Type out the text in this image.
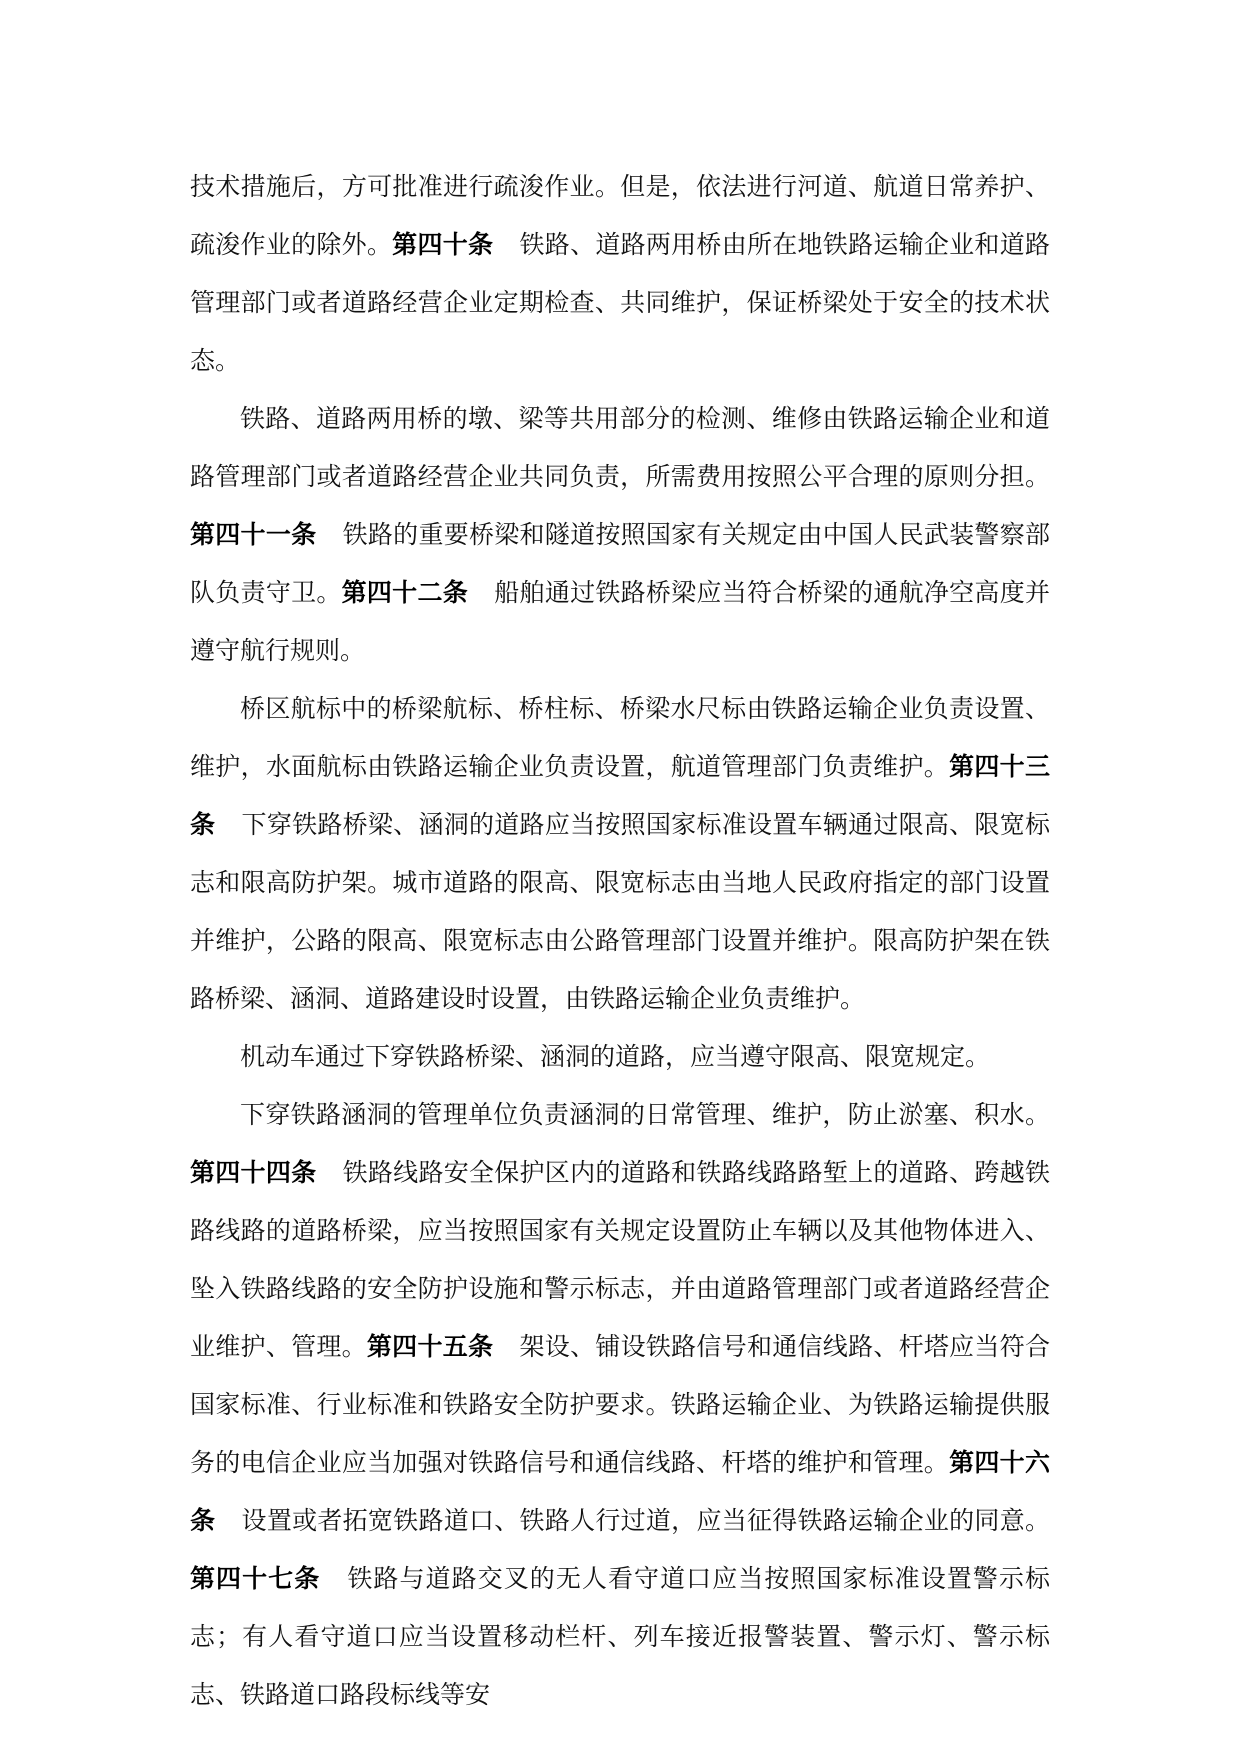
技术措施后，方可批准进行疏浚作业。但是，依法进行河道、航道日常养护、疏浚作业的除外。第四十条 铁路、道路两用桥由所在地铁路运输企业和道路管理部门或者道路经营企业定期检查、共同维护，保证桥梁处于安全的技术状态。

铁路、道路两用桥的墩、梁等共用部分的检测、维修由铁路运输企业和道路管理部门或者道路经营企业共同负责，所需费用按照公平合理的原则分担。第四十一条 铁路的重要桥梁和隧道按照国家有关规定由中国人民武装警察部队负责守卫。第四十二条 船舶通过铁路桥梁应当符合桥梁的通航净空高度并遵守航行规则。

桥区航标中的桥梁航标、桥柱标、桥梁水尺标由铁路运输企业负责设置、维护，水面航标由铁路运输企业负责设置，航道管理部门负责维护。第四十三条 下穿铁路桥梁、涵洞的道路应当按照国家标准设置车辆通过限高、限宽标志和限高防护架。城市道路的限高、限宽标志由当地人民政府指定的部门设置并维护，公路的限高、限宽标志由公路管理部门设置并维护。限高防护架在铁路桥梁、涵洞、道路建设时设置，由铁路运输企业负责维护。

机动车通过下穿铁路桥梁、涵洞的道路，应当遵守限高、限宽规定。

下穿铁路涵洞的管理单位负责涵洞的日常管理、维护，防止淤塞、积水。第四十四条 铁路线路安全保护区内的道路和铁路线路路堑上的道路、跨越铁路线路的道路桥梁，应当按照国家有关规定设置防止车辆以及其他物体进入、坠入铁路线路的安全防护设施和警示标志，并由道路管理部门或者道路经营企业维护、管理。第四十五条 架设、铺设铁路信号和通信线路、杆塔应当符合国家标准、行业标准和铁路安全防护要求。铁路运输企业、为铁路运输提供服务的电信企业应当加强对铁路信号和通信线路、杆塔的维护和管理。第四十六条 设置或者拓宽铁路道口、铁路人行过道，应当征得铁路运输企业的同意。第四十七条 铁路与道路交叉的无人看守道口应当按照国家标准设置警示标志；有人看守道口应当设置移动栏杆、列车接近报警装置、警示灯、警示标志、铁路道口路段标线等安
